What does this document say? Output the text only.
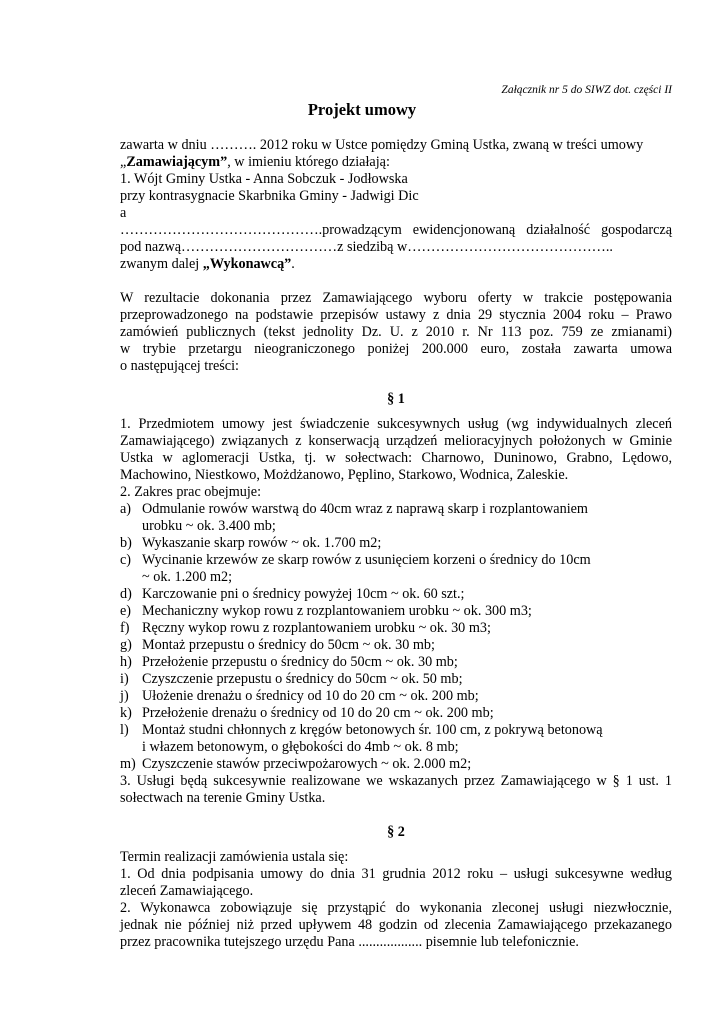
Załącznik nr 5 do SIWZ dot. części II
Projekt umowy
zawarta w dniu ………. 2012 roku w Ustce pomiędzy Gminą Ustka, zwaną w treści umowy
„Zamawiającym”, w imieniu którego działają:
1. Wójt Gminy Ustka - Anna Sobczuk - Jodłowska
przy kontrasygnacie Skarbnika Gminy - Jadwigi Dic
a
…………………………………….prowadzącym ewidencjonowaną działalność gospodarczą
pod nazwą……………………………z siedzibą w……………………………………..
zwanym dalej „Wykonawcą”.
W rezultacie dokonania przez Zamawiającego wyboru oferty w trakcie postępowania
przeprowadzonego na podstawie przepisów ustawy z dnia 29 stycznia 2004 roku – Prawo
zamówień publicznych (tekst jednolity Dz. U. z 2010 r. Nr 113 poz. 759 ze zmianami)
w trybie przetargu nieograniczonego poniżej 200.000 euro, została zawarta umowa
o następującej treści:
§ 1
1. Przedmiotem umowy jest świadczenie sukcesywnych usług (wg indywidualnych zleceń
Zamawiającego) związanych z konserwacją urządzeń melioracyjnych położonych w Gminie
Ustka w aglomeracji Ustka, tj. w sołectwach: Charnowo, Duninowo, Grabno, Lędowo,
Machowino, Niestkowo, Możdżanowo, Pęplino, Starkowo, Wodnica, Zaleskie.
2. Zakres prac obejmuje:
a) Odmulanie rowów warstwą do 40cm wraz z naprawą skarp i rozplantowaniem
urobku ~ ok. 3.400 mb;
b) Wykaszanie skarp rowów ~ ok. 1.700 m2;
c) Wycinanie krzewów ze skarp rowów z usunięciem korzeni o średnicy do 10cm
~ ok. 1.200 m2;
d) Karczowanie pni o średnicy powyżej 10cm ~ ok. 60 szt.;
e) Mechaniczny wykop rowu z rozplantowaniem urobku ~ ok. 300 m3;
f) Ręczny wykop rowu z rozplantowaniem urobku ~ ok. 30 m3;
g) Montaż przepustu o średnicy do 50cm ~ ok. 30 mb;
h) Przełożenie przepustu o średnicy do 50cm ~ ok. 30 mb;
i) Czyszczenie przepustu o średnicy do 50cm ~ ok. 50 mb;
j) Ułożenie drenażu o średnicy od 10 do 20 cm ~ ok. 200 mb;
k) Przełożenie drenażu o średnicy od 10 do 20 cm ~ ok. 200 mb;
l) Montaż studni chłonnych z kręgów betonowych śr. 100 cm, z pokrywą betonową
i włazem betonowym, o głębokości do 4mb ~ ok. 8 mb;
m) Czyszczenie stawów przeciwpożarowych ~ ok. 2.000 m2;
3. Usługi będą sukcesywnie realizowane we wskazanych przez Zamawiającego w § 1 ust. 1
sołectwach na terenie Gminy Ustka.
§ 2
Termin realizacji zamówienia ustala się:
1. Od dnia podpisania umowy do dnia 31 grudnia 2012 roku – usługi sukcesywne według
zleceń Zamawiającego.
2. Wykonawca zobowiązuje się przystąpić do wykonania zleconej usługi niezwłocznie,
jednak nie później niż przed upływem 48 godzin od zlecenia Zamawiającego przekazanego
przez pracownika tutejszego urzędu Pana .................. pisemnie lub telefonicznie.
